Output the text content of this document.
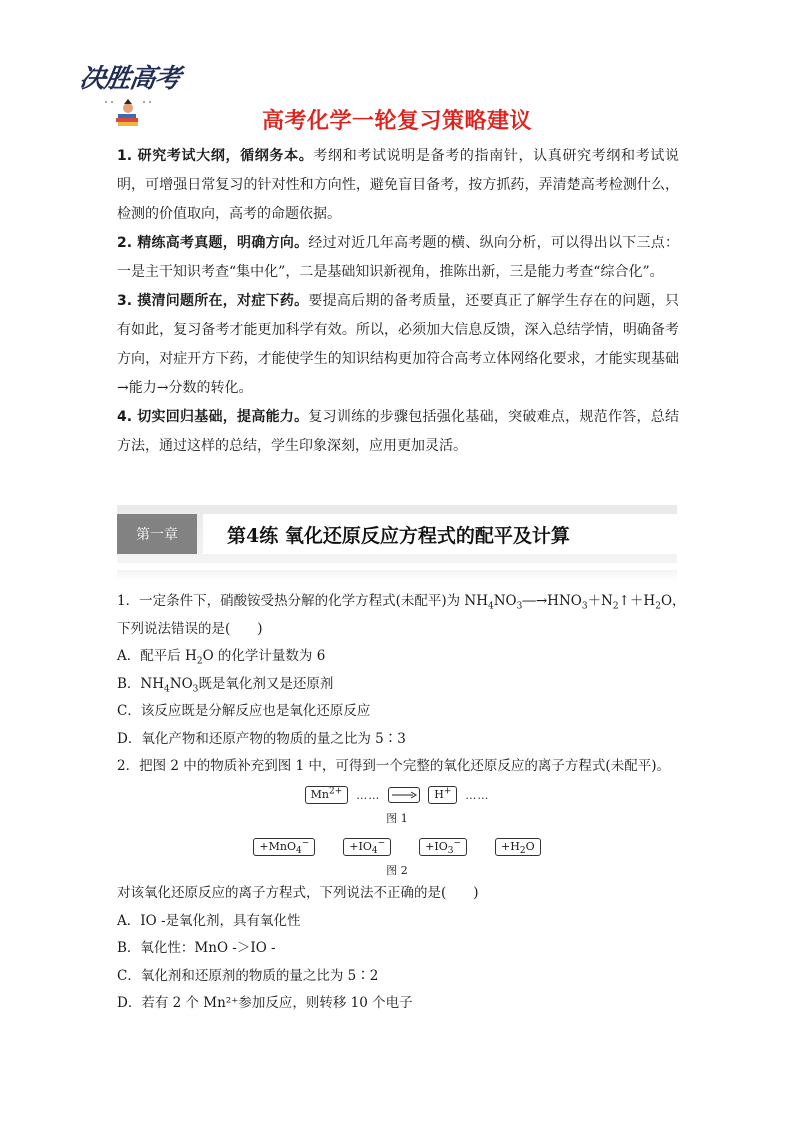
决胜高考
高考化学一轮复习策略建议

1. 研究考试大纲，循纲务本。考纲和考试说明是备考的指南针，认真研究考纲和考试说明，可增强日常复习的针对性和方向性，避免盲目备考，按方抓药，弄清楚高考检测什么，检测的价值取向，高考的命题依据。

2. 精练高考真题，明确方向。经过对近几年高考题的横、纵向分析，可以得出以下三点：一是主干知识考查“集中化”，二是基础知识新视角，推陈出新，三是能力考查“综合化”。

3. 摸清问题所在，对症下药。要提高后期的备考质量，还要真正了解学生存在的问题，只有如此，复习备考才能更加科学有效。所以，必须加大信息反馈，深入总结学情，明确备考方向，对症开方下药，才能使学生的知识结构更加符合高考立体网络化要求，才能实现基础→能力→分数的转化。

4. 切实回归基础，提高能力。复习训练的步骤包括强化基础，突破难点，规范作答，总结方法，通过这样的总结，学生印象深刻，应用更加灵活。

第一章	第4练 氧化还原反应方程式的配平及计算

1．一定条件下，硝酸铵受热分解的化学方程式(未配平)为 $NH_4NO_3―\to HNO_3+N_2↑+H_2O$，

下列说法错误的是(　　)

A．配平后 $H_2O$ 的化学计量数为 6

B．$NH_4NO_3$既是氧化剂又是还原剂

C．该反应既是分解反应也是氧化还原反应

D．氧化产物和还原产物的物质的量之比为 5∶3

2．把图 2 中的物质补充到图 1 中，可得到一个完整的氧化还原反应的离子方程式(未配平)。

$Mn^{2+}$	……	H+	……
图 1
+MnO$_4$−	$+IO_4^-$	$+IO_3^-$	$+H_2O$
图 2

对该氧化还原反应的离子方程式，下列说法不正确的是(　　)

A．IO -是氧化剂，具有氧化性

B．氧化性：MnO -＞IO -

C．氧化剂和还原剂的物质的量之比为 5∶2

D．若有 2 个 Mn²⁺参加反应，则转移 10 个电子
